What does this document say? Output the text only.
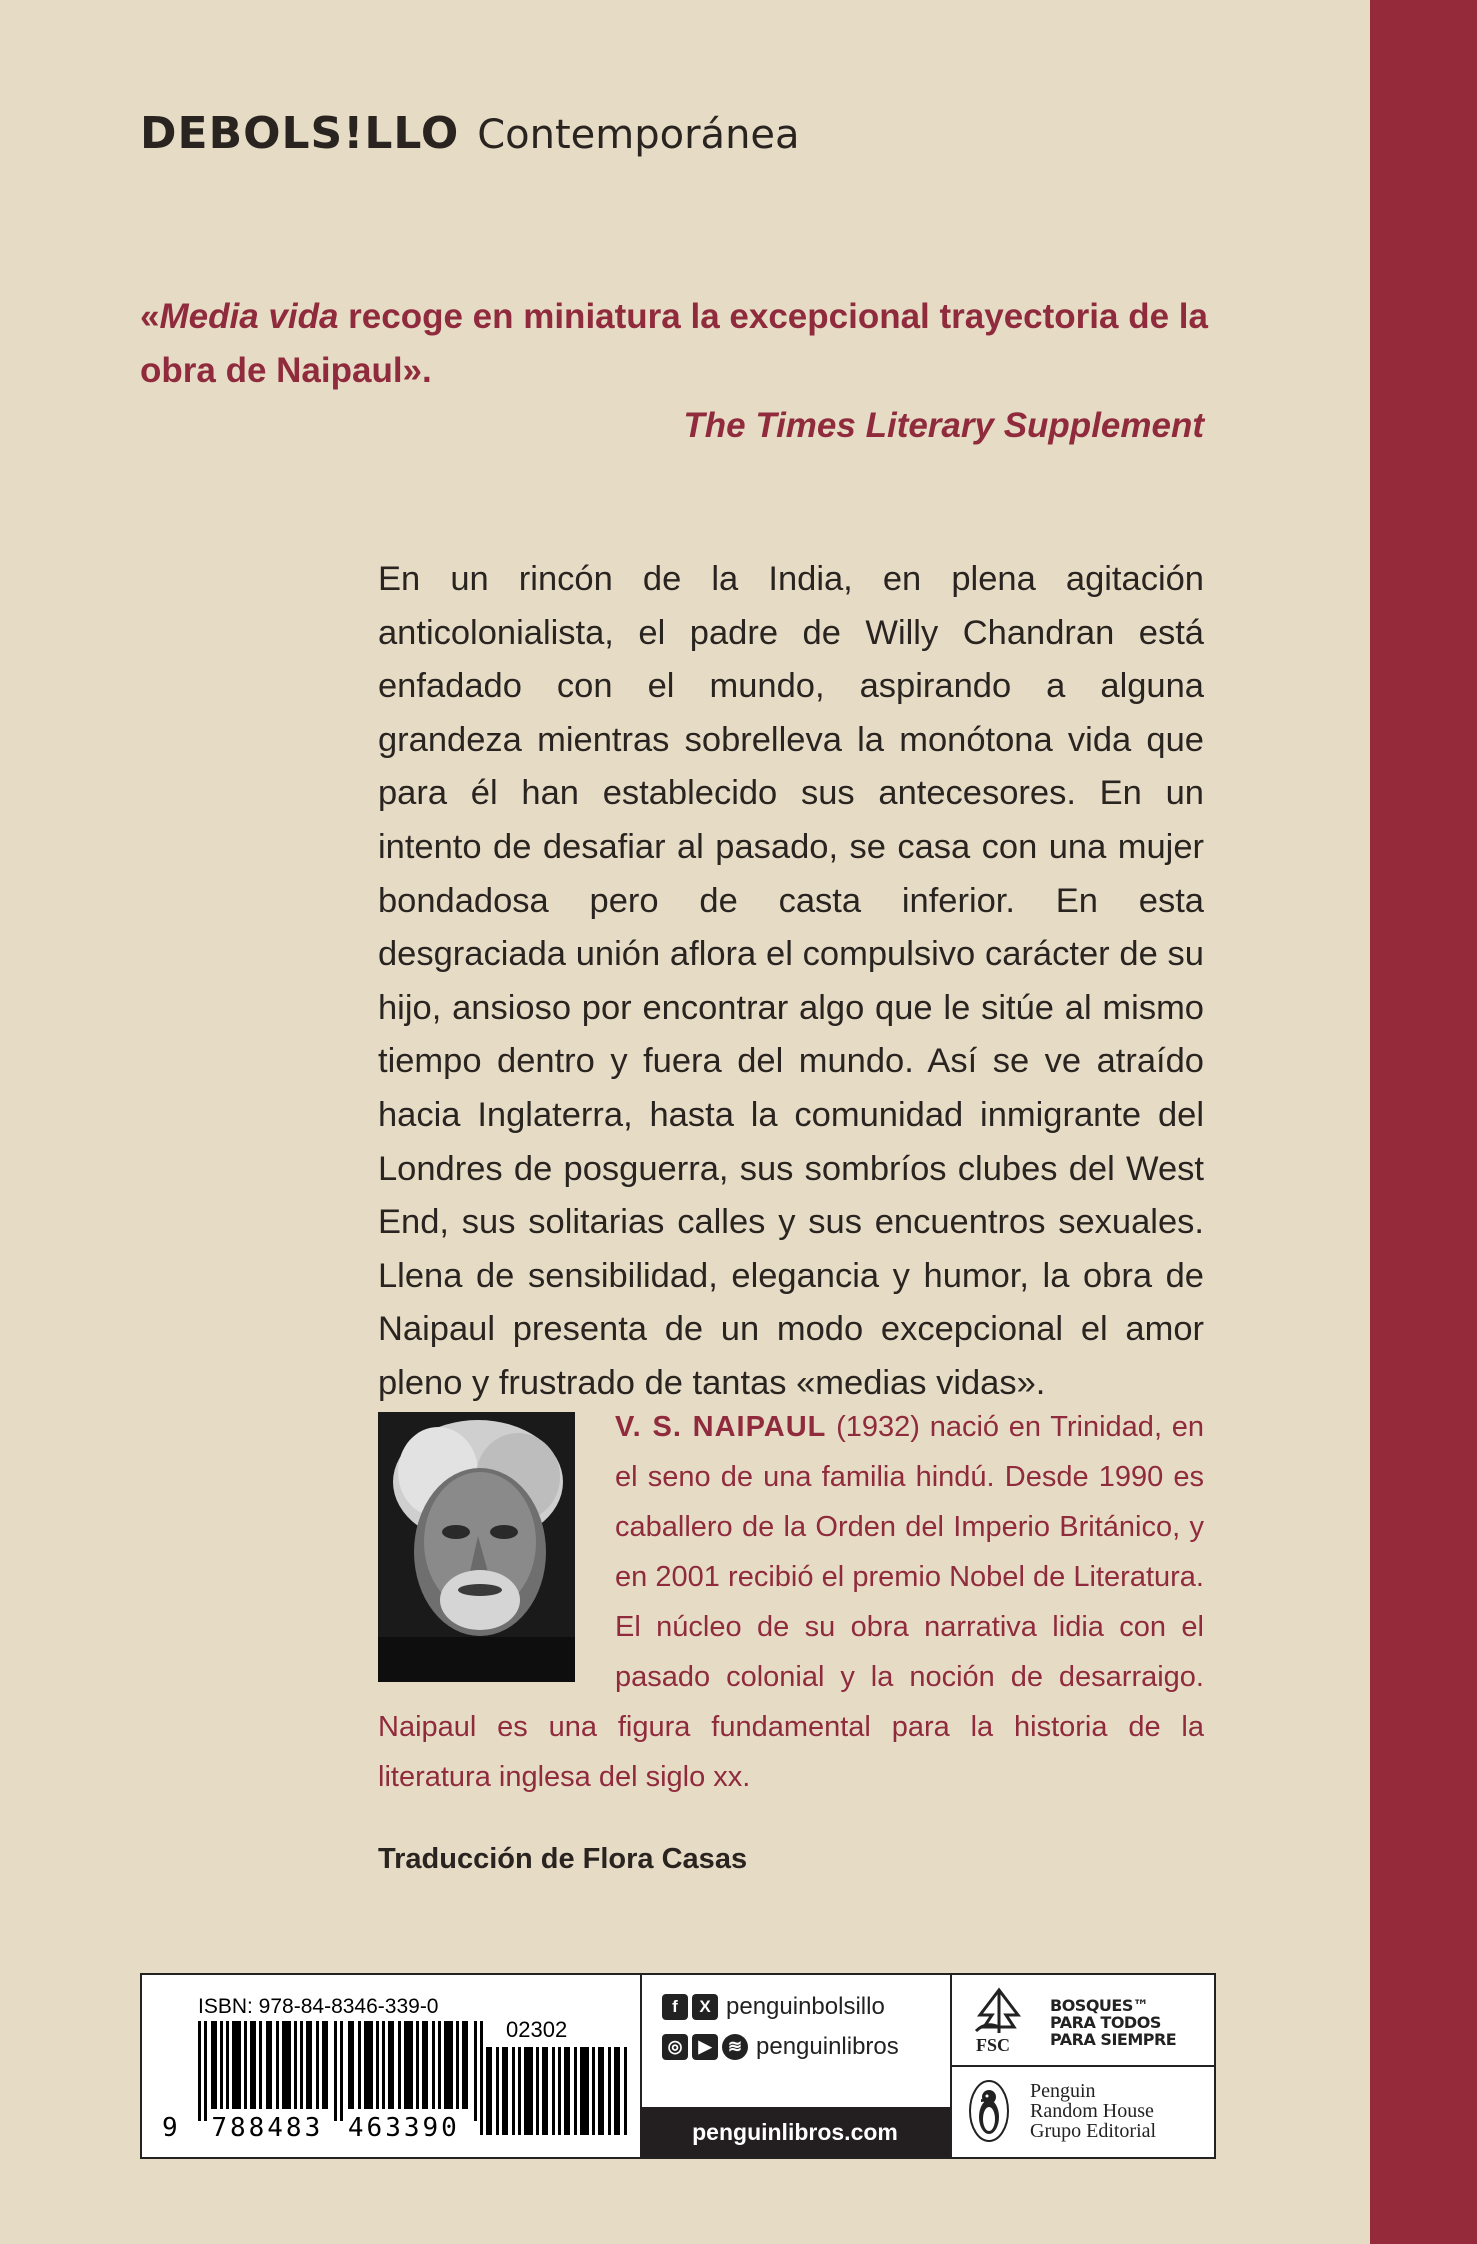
DEBOLS!LLO Contemporánea
«Media vida recoge en miniatura la excepcional trayectoria de la obra de Naipaul».
The Times Literary Supplement

En un rincón de la India, en plena agitación anticolonialista, el padre de Willy Chandran está enfadado con el mundo, aspirando a alguna grandeza mientras sobrelleva la monótona vida que para él han establecido sus antecesores. En un intento de desafiar al pasado, se casa con una mujer bondadosa pero de casta inferior. En esta desgraciada unión aflora el compulsivo carácter de su hijo, ansioso por encontrar algo que le sitúe al mismo tiempo dentro y fuera del mundo. Así se ve atraído hacia Inglaterra, hasta la comunidad inmigrante del Londres de posguerra, sus sombríos clubes del West End, sus solitarias calles y sus encuentros sexuales. Llena de sensibilidad, elegancia y humor, la obra de Naipaul presenta de un modo excepcional el amor pleno y frustrado de tantas «medias vidas».

V. S. NAIPAUL (1932) nació en Trinidad, en el seno de una familia hindú. Desde 1990 es caballero de la Orden del Imperio Británico, y en 2001 recibió el premio Nobel de Literatura. El núcleo de su obra narrativa lidia con el pasado colonial y la noción de desarraigo. Naipaul es una figura fundamental para la historia de la literatura inglesa del siglo xx.

Traducción de Flora Casas
ISBN: 978-84-8346-339-0
02302
9 788483 463390
f	X penguinbolsillo
◎ ▶ ≋ penguinlibros
penguinlibros.com
FSC
BOSQUES™
PARA TODOS
PARA SIEMPRE
Penguin
Random House
Grupo Editorial
